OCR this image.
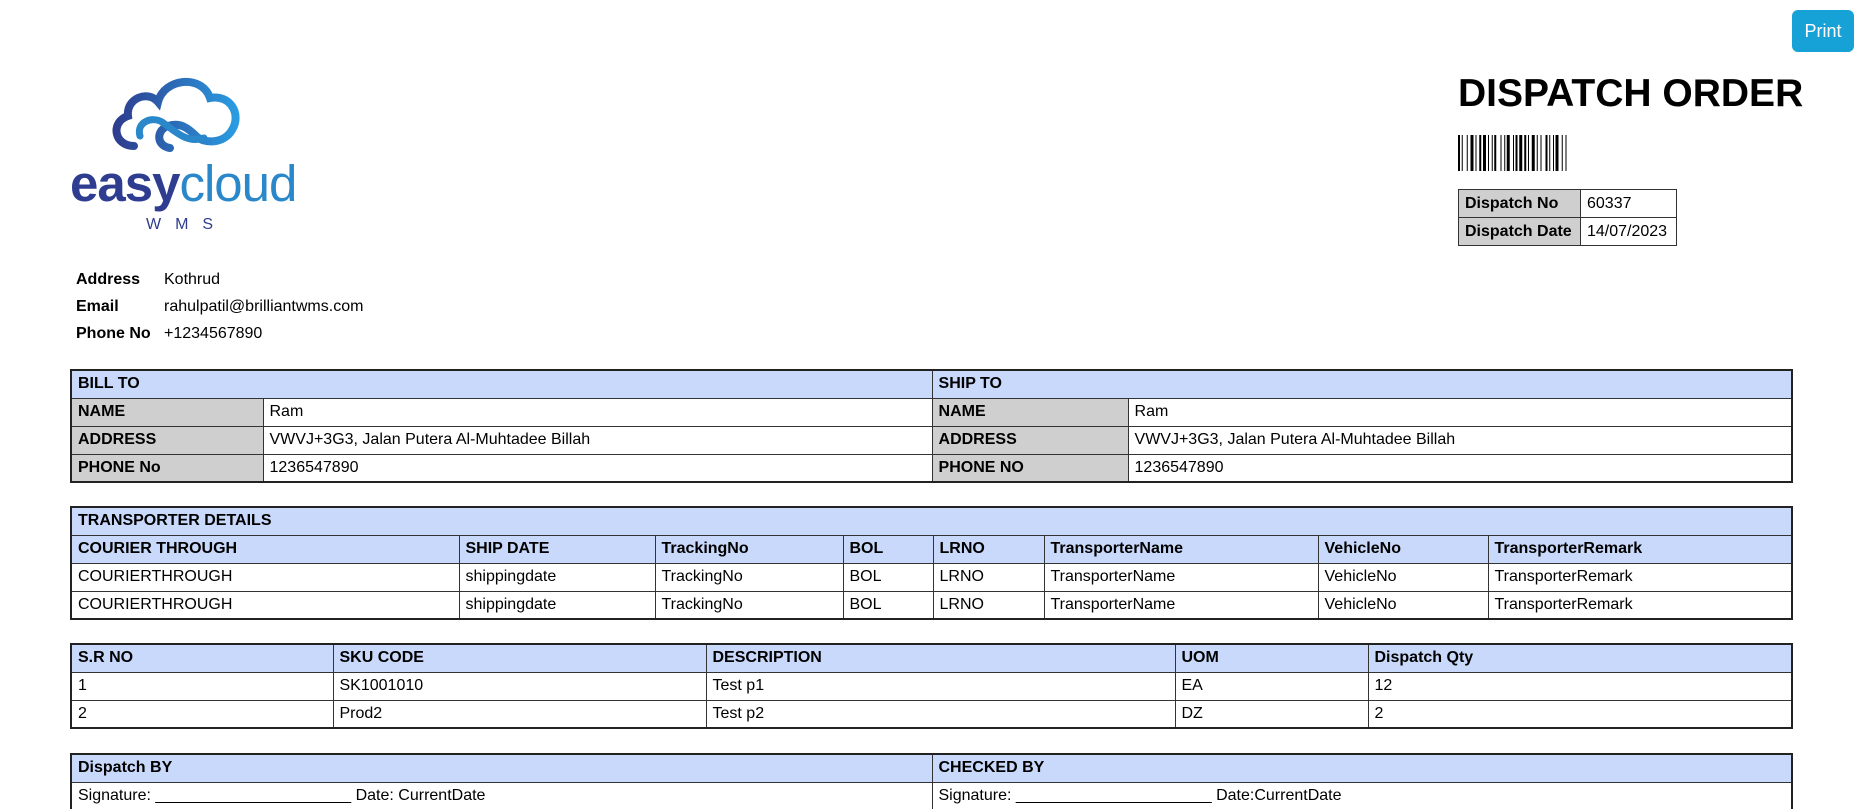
Print
easycloud
WMS
DISPATCH ORDER
Dispatch No	60337
Dispatch Date	14/07/2023
Address	Kothrud
Email	rahulpatil@brilliantwms.com
Phone No +1234567890
BILL TO		SHIP TO	
NAME	Ram	NAME	Ram
ADDRESS	VWVJ+3G3, Jalan Putera Al-Muhtadee Billah	ADDRESS	VWVJ+3G3, Jalan Putera Al-Muhtadee Billah
PHONE No	1236547890	PHONE NO	1236547890
TRANSPORTER DETAILS							
COURIER THROUGH	SHIP DATE	TrackingNo	BOL	LRNO	TransporterName	VehicleNo	TransporterRemark
COURIERTHROUGH	shippingdate	TrackingNo	BOL	LRNO	TransporterName	VehicleNo	TransporterRemark
COURIERTHROUGH	shippingdate	TrackingNo	BOL	LRNO	TransporterName	VehicleNo	TransporterRemark
S.R NO	SKU CODE	DESCRIPTION	UOM	Dispatch Qty
1	SK1001010	Test p1	EA	12
2	Prod2	Test p2	DZ	2
Dispatch BY	CHECKED BY
Signature: ______________________ Date: CurrentDate	Signature: ______________________ Date:CurrentDate
